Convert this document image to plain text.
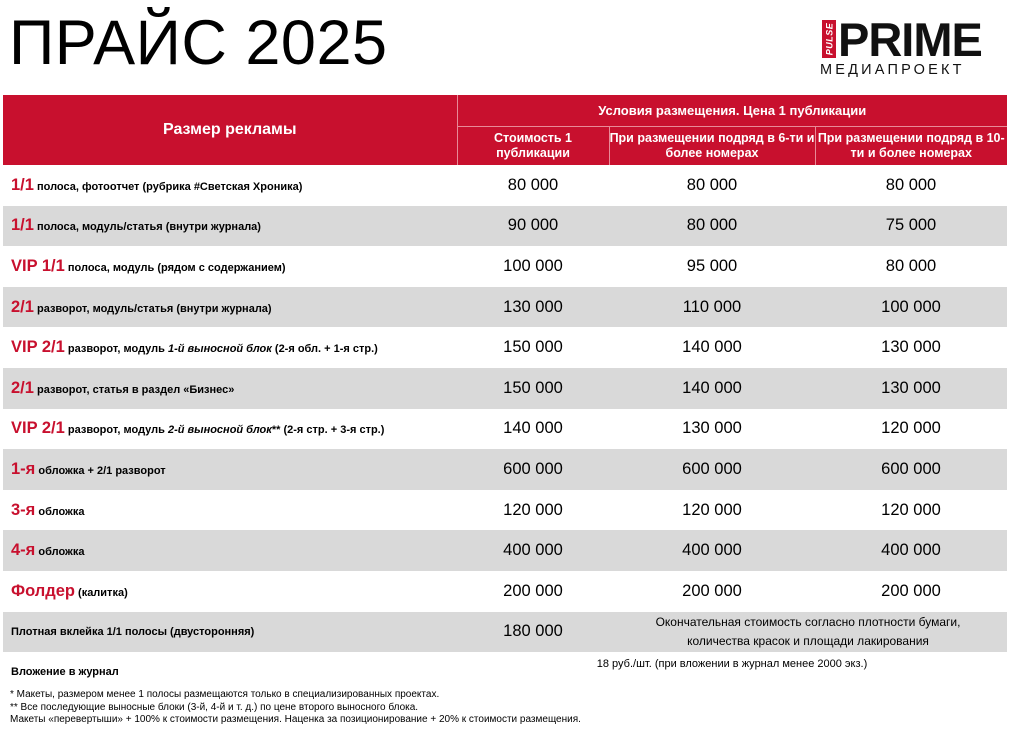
ПРАЙС 2025	PULSE PRIME
МЕДИАПРОЕКТ
Размер рекламы	Условия размещения. Цена 1 публикации		
	Стоимость 1 публикации	При размещении подряд в 6-ти и более номерах	При размещении подряд в 10-ти и более номерах
1/1 полоса, фотоотчет (рубрика #Светская Хроника)	80 000	80 000	80 000
1/1 полоса, модуль/статья (внутри журнала)	90 000	80 000	75 000
VIP 1/1 полоса, модуль (рядом с содержанием)	100 000	95 000	80 000
2/1 разворот, модуль/статья (внутри журнала)	130 000	110 000	100 000
VIP 2/1 разворот, модуль 1-й выносной блок (2-я обл. + 1-я стр.)	150 000	140 000	130 000
2/1 разворот, статья в раздел «Бизнес»	150 000	140 000	130 000
VIP 2/1 разворот, модуль 2-й выносной блок** (2-я стр. + 3-я стр.)	140 000	130 000	120 000
1-я обложка + 2/1 разворот	600 000	600 000	600 000
3-я обложка	120 000	120 000	120 000
4-я обложка	400 000	400 000	400 000
Фолдер (калитка)	200 000	200 000	200 000
Плотная вклейка 1/1 полосы (двусторонняя)	180 000	Окончательная стоимость согласно плотности бумаги,
количества красок и площади лакирования	

Вложение в журнал	18 руб./шт. (при вложении в журнал менее 2000 экз.)		
* Макеты, размером менее 1 полосы размещаются только в специализированных проектах.
** Все последующие выносные блоки (3-й, 4-й и т. д.) по цене второго выносного блока.
Макеты «перевертыши» + 100% к стоимости размещения. Наценка за позиционирование + 20% к стоимости размещения.
